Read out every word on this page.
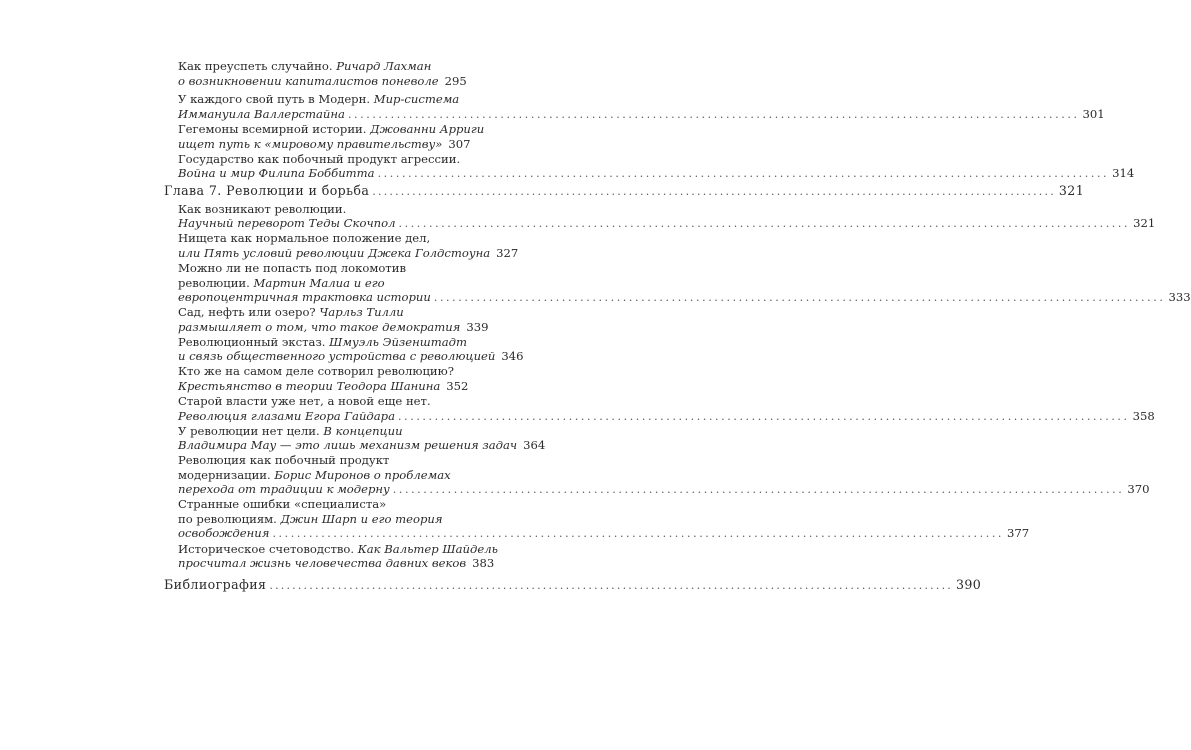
Как преуспеть случайно. Ричард Лахман
о возникновении капиталистов поневоле 295
У каждого свой путь в Модерн. Мир-система
Иммануила Валлерстайна ........................................................................................................................ 301
Гегемоны всемирной истории. Джованни Арриги
ищет путь к «мировому правительству» 307
Государство как побочный продукт агрессии.
Война и мир Филипа Боббитта ........................................................................................................................ 314
Глава 7. Революции и борьба ........................................................................................................................ 321
Как возникают революции.
Научный переворот Теды Скочпол ........................................................................................................................ 321
Нищета как нормальное положение дел,
или Пять условий революции Джека Голдстоуна 327
Можно ли не попасть под локомотив
революции. Мартин Малиа и его
европоцентричная трактовка истории ........................................................................................................................ 333
Сад, нефть или озеро? Чарльз Тилли
размышляет о том, что такое демократия 339
Революционный экстаз. Шмуэль Эйзенштадт
и связь общественного устройства с революцией 346
Кто же на самом деле сотворил революцию?
Крестьянство в теории Теодора Шанина 352
Старой власти уже нет, а новой еще нет.
Революция глазами Егора Гайдара ........................................................................................................................ 358
У революции нет цели. В концепции
Владимира Мау — это лишь механизм решения задач 364
Революция как побочный продукт
модернизации. Борис Миронов о проблемах
перехода от традиции к модерну ........................................................................................................................ 370
Странные ошибки «специалиста»
по революциям. Джин Шарп и его теория
освобождения ........................................................................................................................ 377
Историческое счетоводство. Как Вальтер Шайдель
просчитал жизнь человечества давних веков 383
Библиография ........................................................................................................................ 390
